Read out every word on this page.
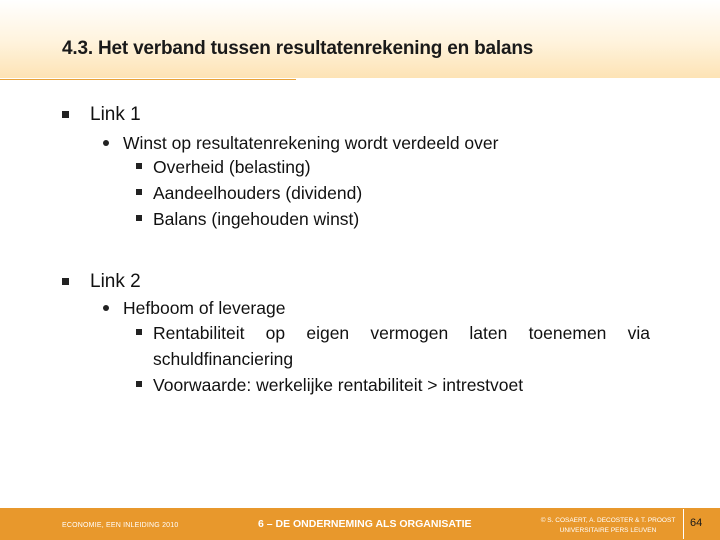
4.3. Het verband tussen resultatenrekening en balans
Link 1
Winst op resultatenrekening wordt verdeeld over
Overheid (belasting)
Aandeelhouders (dividend)
Balans (ingehouden winst)
Link 2
Hefboom of leverage
Rentabiliteit op eigen vermogen laten toenemen via
schuldfinanciering
Voorwaarde: werkelijke rentabiliteit > intrestvoet
ECONOMIE, EEN INLEIDING 2010	6 – DE ONDERNEMING ALS ORGANISATIE	© S. COSAERT, A. DECOSTER & T. PROOST
UNIVERSITAIRE PERS LEUVEN
64
